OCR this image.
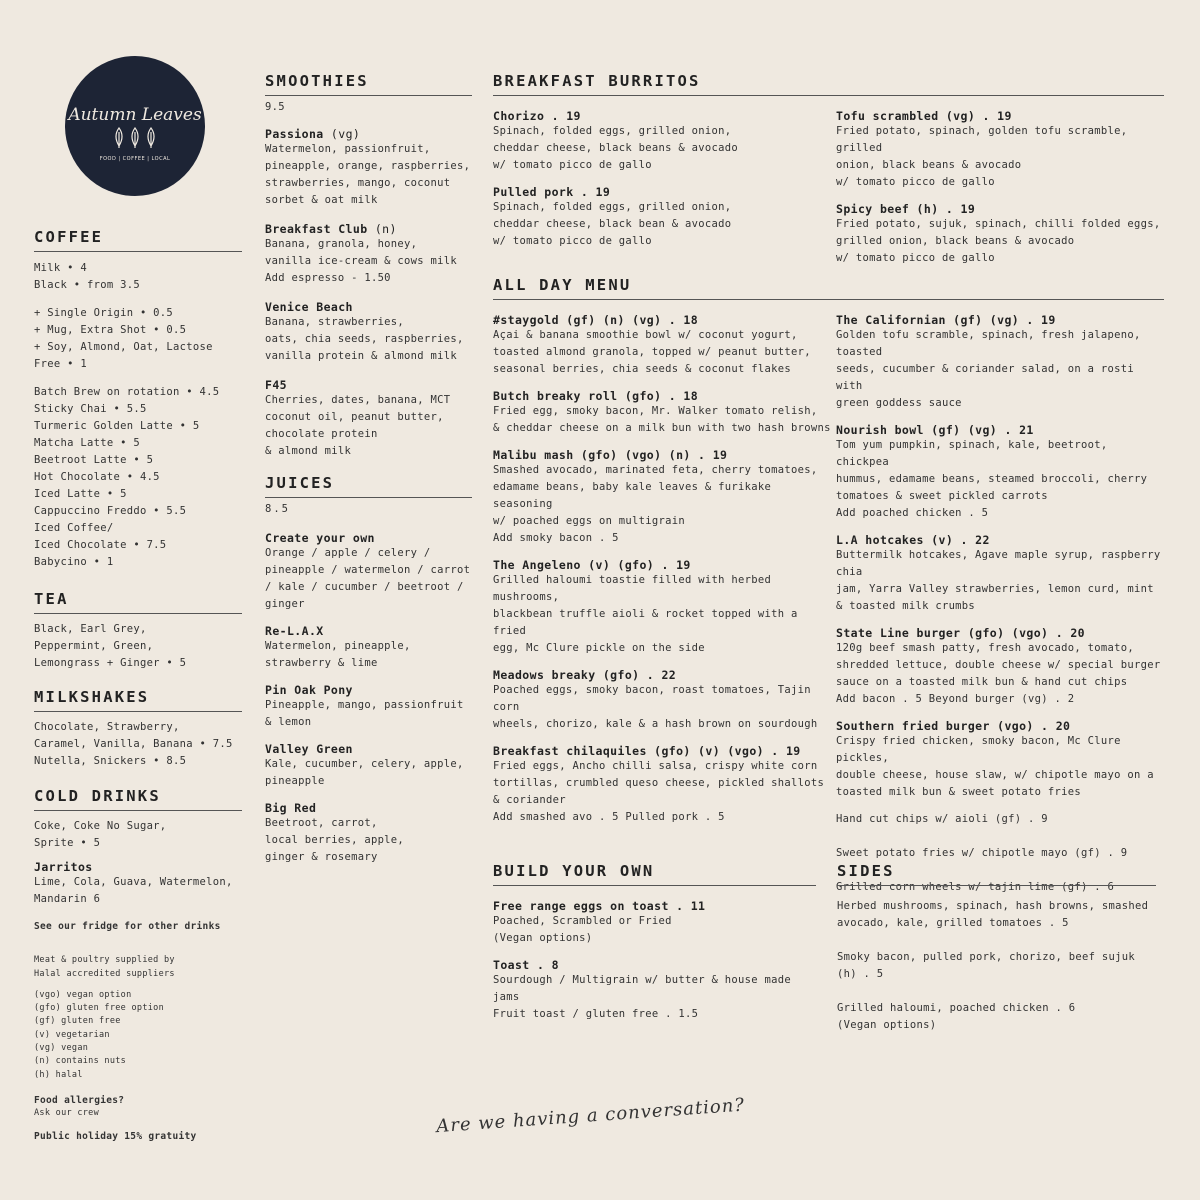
Autumn Leaves
FOOD | COFFEE | LOCAL
COFFEE
Milk • 4
Black • from 3.5
+ Single Origin • 0.5
+ Mug, Extra Shot • 0.5
+ Soy, Almond, Oat, Lactose Free • 1
Batch Brew on rotation • 4.5
Sticky Chai • 5.5
Turmeric Golden Latte • 5
Matcha Latte • 5
Beetroot Latte • 5
Hot Chocolate • 4.5
Iced Latte • 5
Cappuccino Freddo • 5.5
Iced Coffee/
Iced Chocolate • 7.5
Babycino • 1
TEA
Black, Earl Grey,
Peppermint, Green,
Lemongrass + Ginger • 5
MILKSHAKES
Chocolate, Strawberry,
Caramel, Vanilla, Banana • 7.5
Nutella, Snickers • 8.5
COLD DRINKS
Coke, Coke No Sugar,
Sprite • 5
Jarritos
Lime, Cola, Guava, Watermelon,
Mandarin 6
See our fridge for other drinks
Meat & poultry supplied by
Halal accredited suppliers
(vgo) vegan option
(gfo) gluten free option
(gf) gluten free
(v) vegetarian
(vg) vegan
(n) contains nuts
(h) halal
Food allergies?
Ask our crew
Public holiday 15% gratuity
SMOOTHIES
9.5
Passiona (vg)
Watermelon, passionfruit,
pineapple, orange, raspberries,
strawberries, mango, coconut
sorbet & oat milk
Breakfast Club (n)
Banana, granola, honey,
vanilla ice-cream & cows milk
Add espresso - 1.50
Venice Beach
Banana, strawberries,
oats, chia seeds, raspberries,
vanilla protein & almond milk
F45
Cherries, dates, banana, MCT
coconut oil, peanut butter,
chocolate protein
& almond milk
JUICES
8.5
Create your own
Orange / apple / celery /
pineapple / watermelon / carrot
/ kale / cucumber / beetroot /
ginger
Re-L.A.X
Watermelon, pineapple,
strawberry & lime
Pin Oak Pony
Pineapple, mango, passionfruit
& lemon
Valley Green
Kale, cucumber, celery, apple,
pineapple
Big Red
Beetroot, carrot,
local berries, apple,
ginger & rosemary
BREAKFAST BURRITOS
Chorizo . 19
Spinach, folded eggs, grilled onion,
cheddar cheese, black beans & avocado
w/ tomato picco de gallo
Pulled pork . 19
Spinach, folded eggs, grilled onion,
cheddar cheese, black bean & avocado
w/ tomato picco de gallo
Tofu scrambled (vg) . 19
Fried potato, spinach, golden tofu scramble, grilled
onion, black beans & avocado
w/ tomato picco de gallo
Spicy beef (h) . 19
Fried potato, sujuk, spinach, chilli folded eggs,
grilled onion, black beans & avocado
w/ tomato picco de gallo
ALL DAY MENU
#staygold (gf) (n) (vg) . 18
Açai & banana smoothie bowl w/ coconut yogurt,
toasted almond granola, topped w/ peanut butter,
seasonal berries, chia seeds & coconut flakes
Butch breaky roll (gfo) . 18
Fried egg, smoky bacon, Mr. Walker tomato relish,
& cheddar cheese on a milk bun with two hash browns
Malibu mash (gfo) (vgo) (n) . 19
Smashed avocado, marinated feta, cherry tomatoes,
edamame beans, baby kale leaves & furikake seasoning
w/ poached eggs on multigrain
Add smoky bacon . 5
The Angeleno (v) (gfo) . 19
Grilled haloumi toastie filled with herbed mushrooms,
blackbean truffle aioli & rocket topped with a fried
egg, Mc Clure pickle on the side
Meadows breaky (gfo) . 22
Poached eggs, smoky bacon, roast tomatoes, Tajin corn
wheels, chorizo, kale & a hash brown on sourdough
Breakfast chilaquiles (gfo) (v) (vgo) . 19
Fried eggs, Ancho chilli salsa, crispy white corn
tortillas, crumbled queso cheese, pickled shallots
& coriander
Add smashed avo . 5 Pulled pork . 5
The Californian (gf) (vg) . 19
Golden tofu scramble, spinach, fresh jalapeno, toasted
seeds, cucumber & coriander salad, on a rosti with
green goddess sauce
Nourish bowl (gf) (vg) . 21
Tom yum pumpkin, spinach, kale, beetroot, chickpea
hummus, edamame beans, steamed broccoli, cherry
tomatoes & sweet pickled carrots
Add poached chicken . 5
L.A hotcakes (v) . 22
Buttermilk hotcakes, Agave maple syrup, raspberry chia
jam, Yarra Valley strawberries, lemon curd, mint
& toasted milk crumbs
State Line burger (gfo) (vgo) . 20
120g beef smash patty, fresh avocado, tomato,
shredded lettuce, double cheese w/ special burger
sauce on a toasted milk bun & hand cut chips
Add bacon . 5 Beyond burger (vg) . 2
Southern fried burger (vgo) . 20
Crispy fried chicken, smoky bacon, Mc Clure pickles,
double cheese, house slaw, w/ chipotle mayo on a
toasted milk bun & sweet potato fries
Hand cut chips w/ aioli (gf) . 9
Sweet potato fries w/ chipotle mayo (gf) . 9
Grilled corn wheels w/ tajin lime (gf) . 6
BUILD YOUR OWN
Free range eggs on toast . 11
Poached, Scrambled or Fried
(Vegan options)
Toast . 8
Sourdough / Multigrain w/ butter & house made jams
Fruit toast / gluten free . 1.5
SIDES
Herbed mushrooms, spinach, hash browns, smashed
avocado, kale, grilled tomatoes . 5
Smoky bacon, pulled pork, chorizo, beef sujuk (h) . 5
Grilled haloumi, poached chicken . 6
(Vegan options)
Are we having a conversation?
